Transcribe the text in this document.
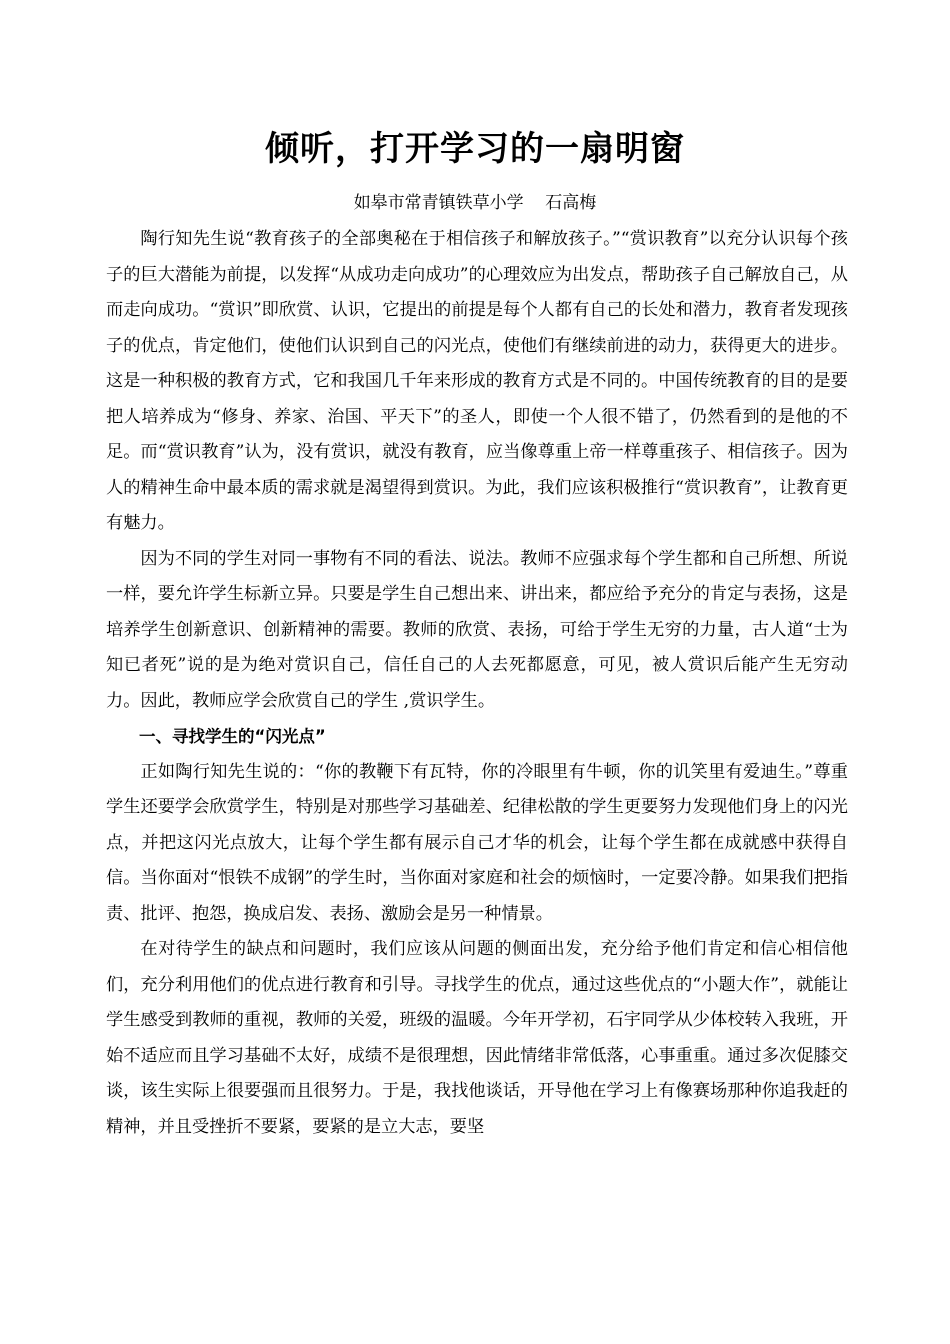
倾听，打开学习的一扇明窗
如皋市常青镇铁草小学    石高梅

陶行知先生说“教育孩子的全部奥秘在于相信孩子和解放孩子。”“赏识教育”以充分认识每个孩子的巨大潜能为前提，以发挥“从成功走向成功”的心理效应为出发点，帮助孩子自己解放自己，从而走向成功。“赏识”即欣赏、认识，它提出的前提是每个人都有自己的长处和潜力，教育者发现孩子的优点，肯定他们，使他们认识到自己的闪光点，使他们有继续前进的动力，获得更大的进步。这是一种积极的教育方式，它和我国几千年来形成的教育方式是不同的。中国传统教育的目的是要把人培养成为“修身、养家、治国、平天下”的圣人，即使一个人很不错了，仍然看到的是他的不足。而“赏识教育”认为，没有赏识，就没有教育，应当像尊重上帝一样尊重孩子、相信孩子。因为人的精神生命中最本质的需求就是渴望得到赏识。为此，我们应该积极推行“赏识教育”，让教育更有魅力。

因为不同的学生对同一事物有不同的看法、说法。教师不应强求每个学生都和自己所想、所说一样，要允许学生标新立异。只要是学生自己想出来、讲出来，都应给予充分的肯定与表扬，这是培养学生创新意识、创新精神的需要。教师的欣赏、表扬，可给于学生无穷的力量，古人道“士为知已者死”说的是为绝对赏识自己，信任自己的人去死都愿意，可见，被人赏识后能产生无穷动力。因此，教师应学会欣赏自己的学生 ,赏识学生。

一、寻找学生的“闪光点”

正如陶行知先生说的：“你的教鞭下有瓦特，你的冷眼里有牛顿，你的讥笑里有爱迪生。”尊重学生还要学会欣赏学生，特别是对那些学习基础差、纪律松散的学生更要努力发现他们身上的闪光点，并把这闪光点放大，让每个学生都有展示自己才华的机会，让每个学生都在成就感中获得自信。当你面对“恨铁不成钢”的学生时，当你面对家庭和社会的烦恼时，一定要冷静。如果我们把指责、批评、抱怨，换成启发、表扬、激励会是另一种情景。

在对待学生的缺点和问题时，我们应该从问题的侧面出发，充分给予他们肯定和信心相信他们，充分利用他们的优点进行教育和引导。寻找学生的优点，通过这些优点的“小题大作”，就能让学生感受到教师的重视，教师的关爱，班级的温暖。今年开学初，石宇同学从少体校转入我班，开始不适应而且学习基础不太好，成绩不是很理想，因此情绪非常低落，心事重重。通过多次促膝交谈，该生实际上很要强而且很努力。于是，我找他谈话，开导他在学习上有像赛场那种你追我赶的精神，并且受挫折不要紧，要紧的是立大志，要坚
